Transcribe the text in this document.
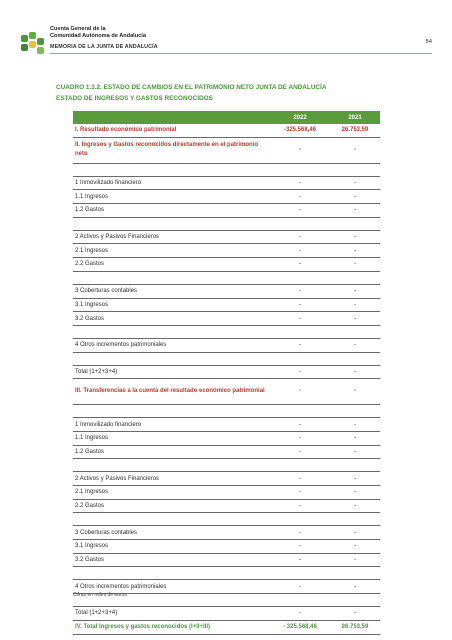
Cuenta General de la
Comunidad Autónoma de Andalucía
MEMORIA DE LA JUNTA DE ANDALUCÍA
54
CUADRO 1.3.2. ESTADO DE CAMBIOS EN EL PATRIMONIO NETO JUNTA DE ANDALUCÍA
ESTADO DE INGRESOS Y GASTOS RECONOCIDOS
	2022	2021
I. Resultado económico patrimonial	-325.568,46	26.753,59
II. Ingresos y Gastos reconocidos directamente en el patrimonio neto	-	-

1 Inmovilizado financiero	-	-
1.1 Ingresos	-	-
1.2 Gastos	-	-

2 Activos y Pasivos Financieros	-	-
2.1 Ingresos	-	-
2.2 Gastos	-	-

3 Coberturas contables	-	-
3.1 Ingresos	-	-
3.2 Gastos	-	-

4 Otros incrementos patrimoniales	-	-

Total (1+2+3+4)	-	-
III. Transferencias a la cuenta del resultado económico patrimonial	-	-

1 Inmovilizado financiero	-	-
1.1 Ingresos	-	-
1.2 Gastos	-	-

2 Activos y Pasivos Financieros	-	-
2.1 Ingresos	-	-
2.2 Gastos	-	-

3 Coberturas contables	-	-
3.1 Ingresos	-	-
3.2 Gastos	-	-

4 Otros incrementos patrimoniales	-	-

Total (1+2+3+4)	-	-
IV. Total Ingresos y gastos reconocidos (I+II+III)	- 325.568,46	26.753,59
Cifras en miles de euros
